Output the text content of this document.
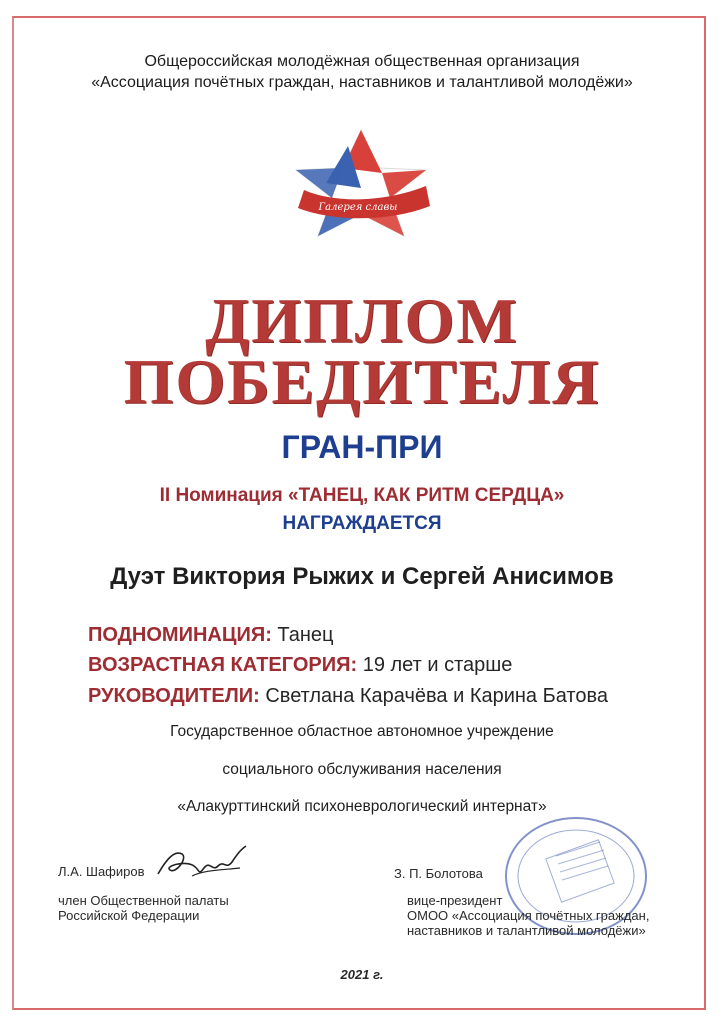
Общероссийская молодёжная общественная организация
«Ассоциация почётных граждан, наставников и талантливой молодёжи»
Галерея славы
ДИПЛОМ
ПОБЕДИТЕЛЯ
ГРАН-ПРИ
II Номинация «ТАНЕЦ, КАК РИТМ СЕРДЦА»
НАГРАЖДАЕТСЯ
Дуэт Виктория Рыжих и Сергей Анисимов
ПОДНОМИНАЦИЯ: Танец
ВОЗРАСТНАЯ КАТЕГОРИЯ: 19 лет и старше
РУКОВОДИТЕЛИ: Светлана Карачёва и Карина Батова
Государственное областное автономное учреждение
социального обслуживания населения
«Алакурттинский психоневрологический интернат»
Л.А. Шафиров
член Общественной палаты
Российской Федерации
З. П. Болотова
вице-президент
ОМОО «Ассоциация почётных граждан,
наставников и талантливой молодёжи»
2021 г.
